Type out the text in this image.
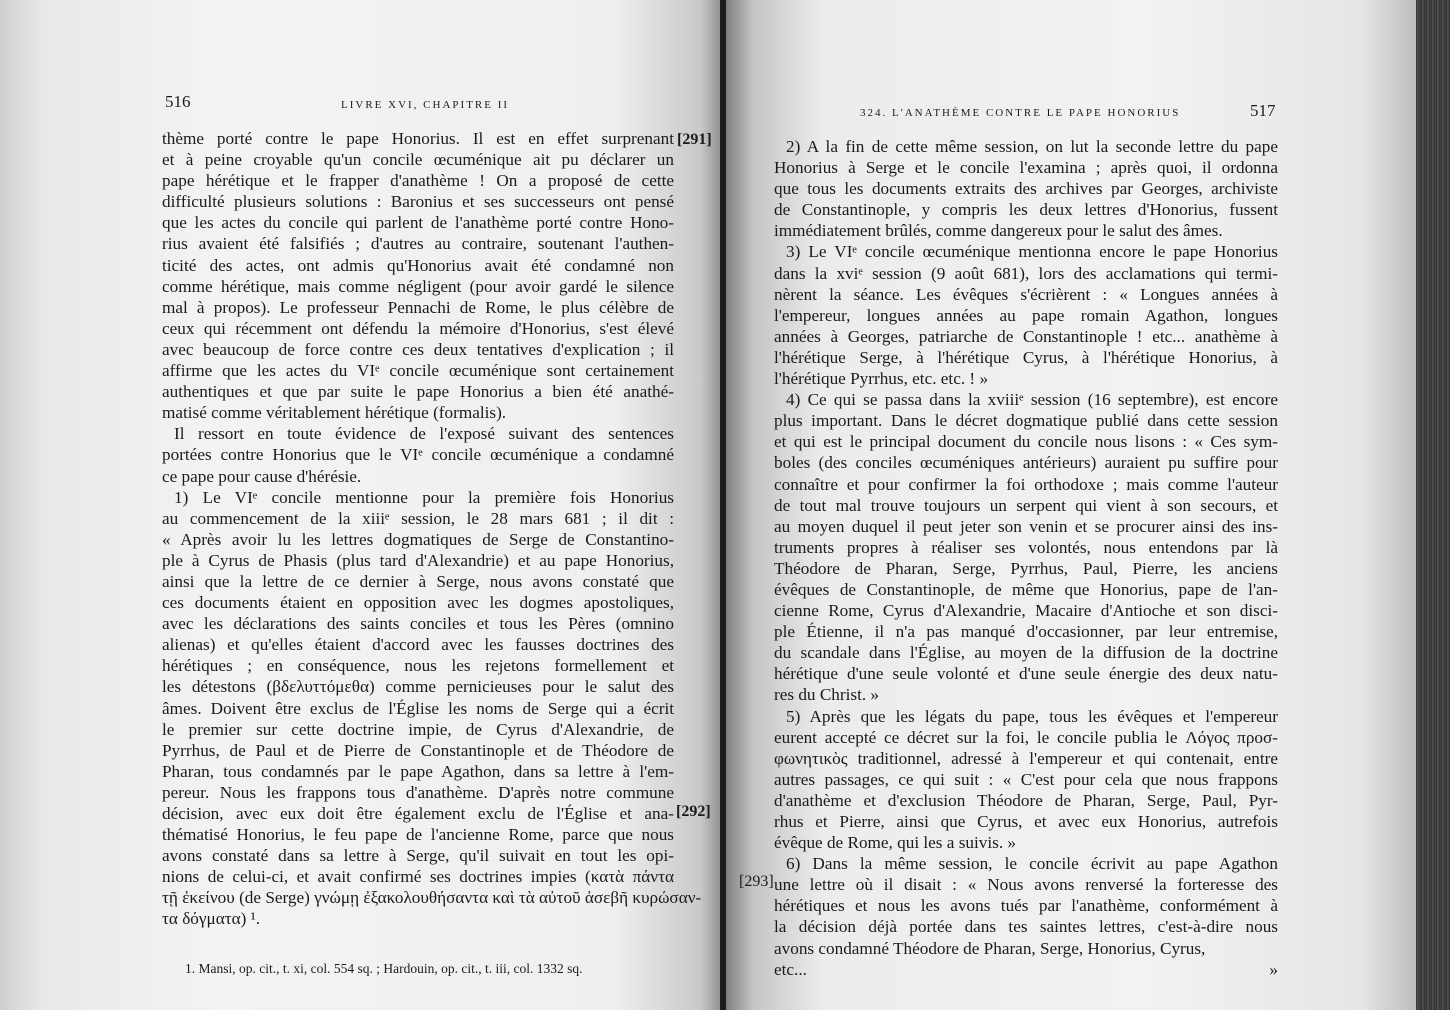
516	LIVRE XVI, CHAPITRE II
thème porté contre le pape Honorius. Il est en effet surprenant
et à peine croyable qu'un concile œcuménique ait pu déclarer un
pape hérétique et le frapper d'anathème ! On a proposé de cette
difficulté plusieurs solutions : Baronius et ses successeurs ont pensé
que les actes du concile qui parlent de l'anathème porté contre Hono-
rius avaient été falsifiés ; d'autres au contraire, soutenant l'authen-
ticité des actes, ont admis qu'Honorius avait été condamné non
comme hérétique, mais comme négligent (pour avoir gardé le silence
mal à propos). Le professeur Pennachi de Rome, le plus célèbre de
ceux qui récemment ont défendu la mémoire d'Honorius, s'est élevé
avec beaucoup de force contre ces deux tentatives d'explication ; il
affirme que les actes du VIᵉ concile œcuménique sont certainement
authentiques et que par suite le pape Honorius a bien été anathé-
matisé comme véritablement hérétique (formalis).
Il ressort en toute évidence de l'exposé suivant des sentences
portées contre Honorius que le VIᵉ concile œcuménique a condamné
ce pape pour cause d'hérésie.
1) Le VIᵉ concile mentionne pour la première fois Honorius
au commencement de la xiiiᵉ session, le 28 mars 681 ; il dit :
« Après avoir lu les lettres dogmatiques de Serge de Constantino-
ple à Cyrus de Phasis (plus tard d'Alexandrie) et au pape Honorius,
ainsi que la lettre de ce dernier à Serge, nous avons constaté que
ces documents étaient en opposition avec les dogmes apostoliques,
avec les déclarations des saints conciles et tous les Pères (omnino
alienas) et qu'elles étaient d'accord avec les fausses doctrines des
hérétiques ; en conséquence, nous les rejetons formellement et
les détestons (βδελυττόμεθα) comme pernicieuses pour le salut des
âmes. Doivent être exclus de l'Église les noms de Serge qui a écrit
le premier sur cette doctrine impie, de Cyrus d'Alexandrie, de
Pyrrhus, de Paul et de Pierre de Constantinople et de Théodore de
Pharan, tous condamnés par le pape Agathon, dans sa lettre à l'em-
pereur. Nous les frappons tous d'anathème. D'après notre commune
décision, avec eux doit être également exclu de l'Église et ana-
thématisé Honorius, le feu pape de l'ancienne Rome, parce que nous
avons constaté dans sa lettre à Serge, qu'il suivait en tout les opi-
nions de celui-ci, et avait confirmé ses doctrines impies (κατὰ πάντα
τῇ ἐκείνου (de Serge) γνώμῃ ἐξακολουθήσαντα καὶ τὰ αὐτοῦ ἀσεβῆ κυρώσαν-
τα δόγματα) ¹.
[291]
[292]
1. Mansi, op. cit., t. xi, col. 554 sq. ; Hardouin, op. cit., t. iii, col. 1332 sq.
324. L'ANATHÈME CONTRE LE PAPE HONORIUS	517
2) A la fin de cette même session, on lut la seconde lettre du pape
Honorius à Serge et le concile l'examina ; après quoi, il ordonna
que tous les documents extraits des archives par Georges, archiviste
de Constantinople, y compris les deux lettres d'Honorius, fussent
immédiatement brûlés, comme dangereux pour le salut des âmes.
3) Le VIᵉ concile œcuménique mentionna encore le pape Honorius
dans la xviᵉ session (9 août 681), lors des acclamations qui termi-
nèrent la séance. Les évêques s'écrièrent : « Longues années à
l'empereur, longues années au pape romain Agathon, longues
années à Georges, patriarche de Constantinople ! etc... anathème à
l'hérétique Serge, à l'hérétique Cyrus, à l'hérétique Honorius, à
l'hérétique Pyrrhus, etc. etc. ! »
4) Ce qui se passa dans la xviiiᵉ session (16 septembre), est encore
plus important. Dans le décret dogmatique publié dans cette session
et qui est le principal document du concile nous lisons : « Ces sym-
boles (des conciles œcuméniques antérieurs) auraient pu suffire pour
connaître et pour confirmer la foi orthodoxe ; mais comme l'auteur
de tout mal trouve toujours un serpent qui vient à son secours, et
au moyen duquel il peut jeter son venin et se procurer ainsi des ins-
truments propres à réaliser ses volontés, nous entendons par là
Théodore de Pharan, Serge, Pyrrhus, Paul, Pierre, les anciens
évêques de Constantinople, de même que Honorius, pape de l'an-
cienne Rome, Cyrus d'Alexandrie, Macaire d'Antioche et son disci-
ple Étienne, il n'a pas manqué d'occasionner, par leur entremise,
du scandale dans l'Église, au moyen de la diffusion de la doctrine
hérétique d'une seule volonté et d'une seule énergie des deux natu-
res du Christ. »
5) Après que les légats du pape, tous les évêques et l'empereur
eurent accepté ce décret sur la foi, le concile publia le Λόγος προσ-
φωνητικὸς traditionnel, adressé à l'empereur et qui contenait, entre
autres passages, ce qui suit : « C'est pour cela que nous frappons
d'anathème et d'exclusion Théodore de Pharan, Serge, Paul, Pyr-
rhus et Pierre, ainsi que Cyrus, et avec eux Honorius, autrefois
évêque de Rome, qui les a suivis. »
6) Dans la même session, le concile écrivit au pape Agathon
une lettre où il disait : « Nous avons renversé la forteresse des
hérétiques et nous les avons tués par l'anathème, conformément à
la décision déjà portée dans tes saintes lettres, c'est-à-dire nous
avons condamné Théodore de Pharan, Serge, Honorius, Cyrus,
etc... »
[293]
